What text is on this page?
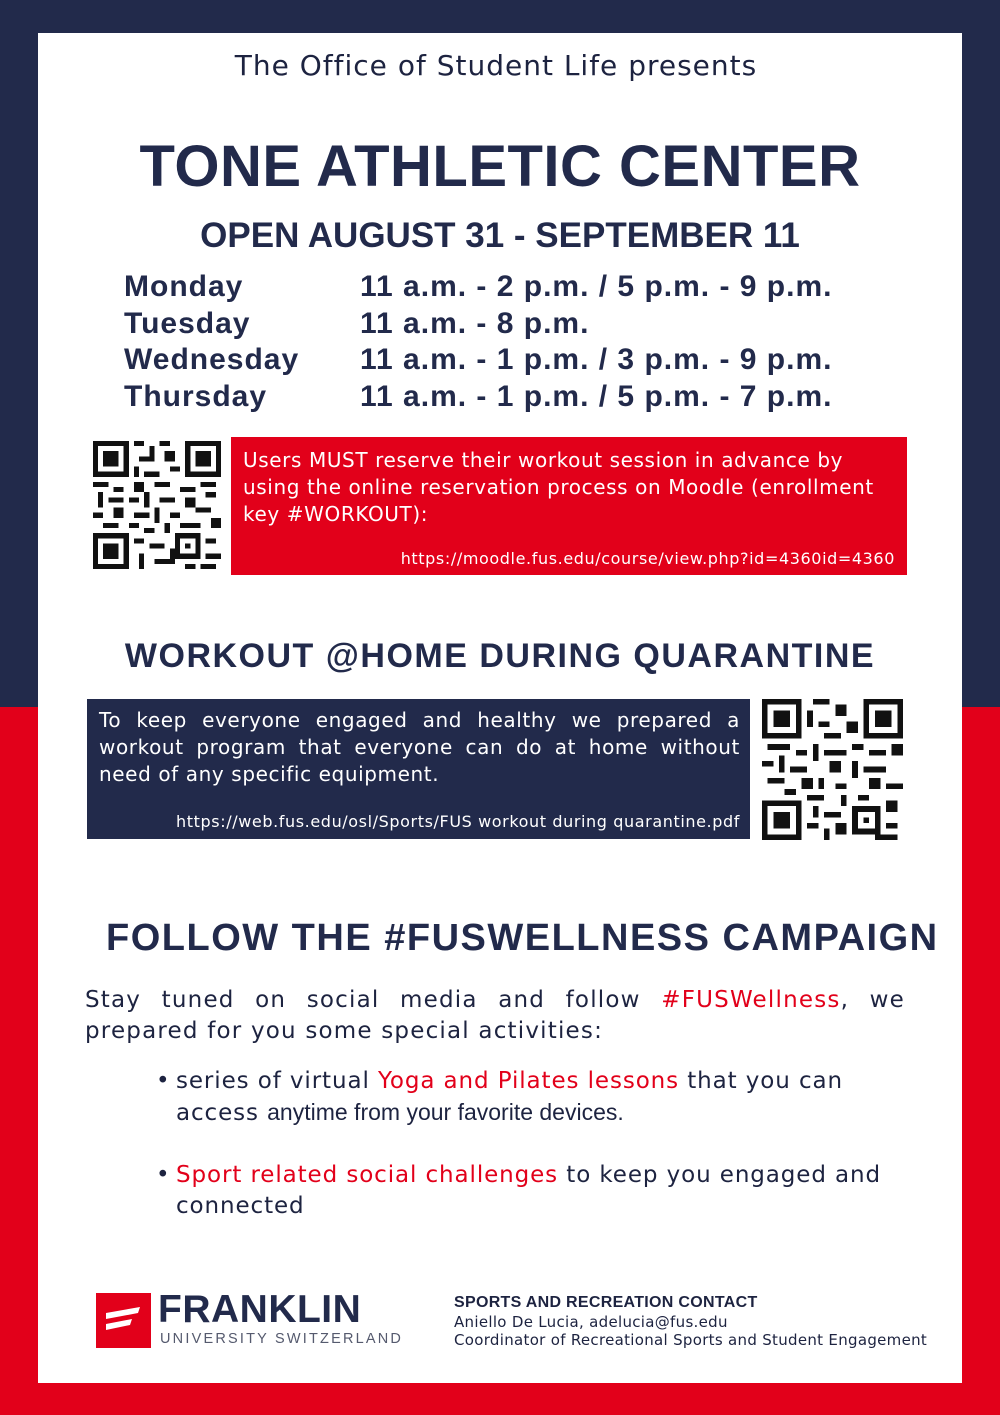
The Office of Student Life presents
TONE ATHLETIC CENTER
OPEN AUGUST 31 - SEPTEMBER 11
Monday	11 a.m. - 2 p.m. / 5 p.m. - 9 p.m.
Tuesday	11 a.m. - 8 p.m.
Wednesday	11 a.m. - 1 p.m. / 3 p.m. - 9 p.m.
Thursday	11 a.m. - 1 p.m. / 5 p.m. - 7 p.m.
Users MUST reserve their workout session in advance by using the online reservation process on Moodle (enrollment key #WORKOUT):
https://moodle.fus.edu/course/view.php?id=4360id=4360
WORKOUT @HOME DURING QUARANTINE
To keep everyone engaged and healthy we prepared a workout program that everyone can do at home without need of any specific equipment.
https://web.fus.edu/osl/Sports/FUS workout during quarantine.pdf
FOLLOW THE #FUSWELLNESS CAMPAIGN
Stay tuned on social media and follow #FUSWellness, we prepared for you some special activities:
• series of virtual Yoga and Pilates lessons that you can access anytime from your favorite devices.
• Sport related social challenges to keep you engaged and connected
FRANKLIN
UNIVERSITY SWITZERLAND
SPORTS AND RECREATION CONTACT
Aniello De Lucia, adelucia@fus.edu
Coordinator of Recreational Sports and Student Engagement
